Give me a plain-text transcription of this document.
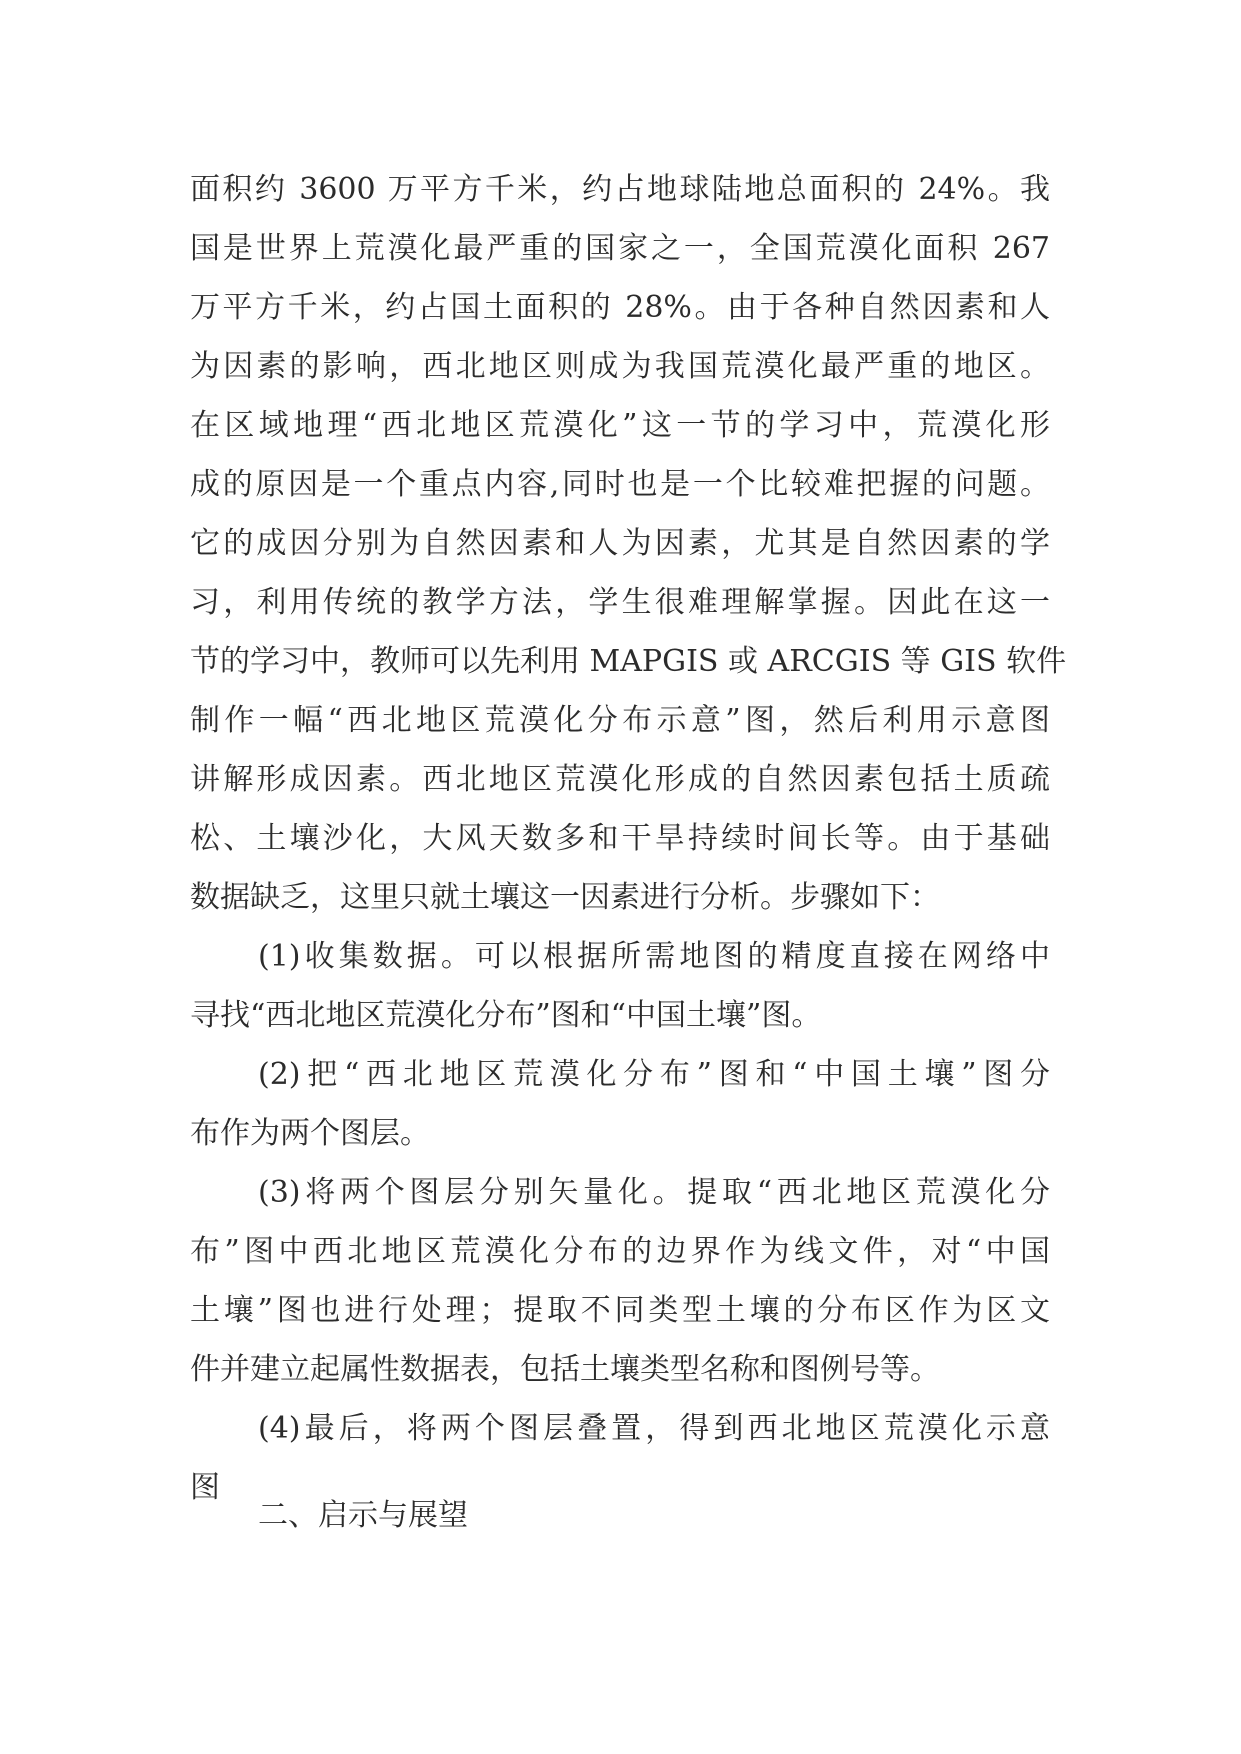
面积约 3600 万平方千米，约占地球陆地总面积的 24%。我
国是世界上荒漠化最严重的国家之一，全国荒漠化面积 267
万平方千米，约占国土面积的 28%。由于各种自然因素和人
为因素的影响，西北地区则成为我国荒漠化最严重的地区。
在区域地理“西北地区荒漠化”这一节的学习中，荒漠化形
成的原因是一个重点内容,同时也是一个比较难把握的问题。
它的成因分别为自然因素和人为因素，尤其是自然因素的学
习，利用传统的教学方法，学生很难理解掌握。因此在这一
节的学习中，教师可以先利用 MAPGIS 或 ARCGIS 等 GIS 软件
制作一幅“西北地区荒漠化分布示意”图，然后利用示意图
讲解形成因素。西北地区荒漠化形成的自然因素包括土质疏
松、土壤沙化，大风天数多和干旱持续时间长等。由于基础
数据缺乏，这里只就土壤这一因素进行分析。步骤如下：
(1)收集数据。可以根据所需地图的精度直接在网络中
寻找“西北地区荒漠化分布”图和“中国土壤”图。
(2)把“西北地区荒漠化分布”图和“中国土壤”图分
布作为两个图层。
(3)将两个图层分别矢量化。提取“西北地区荒漠化分
布”图中西北地区荒漠化分布的边界作为线文件，对“中国
土壤”图也进行处理；提取不同类型土壤的分布区作为区文
件并建立起属性数据表，包括土壤类型名称和图例号等。
(4)最后，将两个图层叠置，得到西北地区荒漠化示意
图
二、启示与展望
